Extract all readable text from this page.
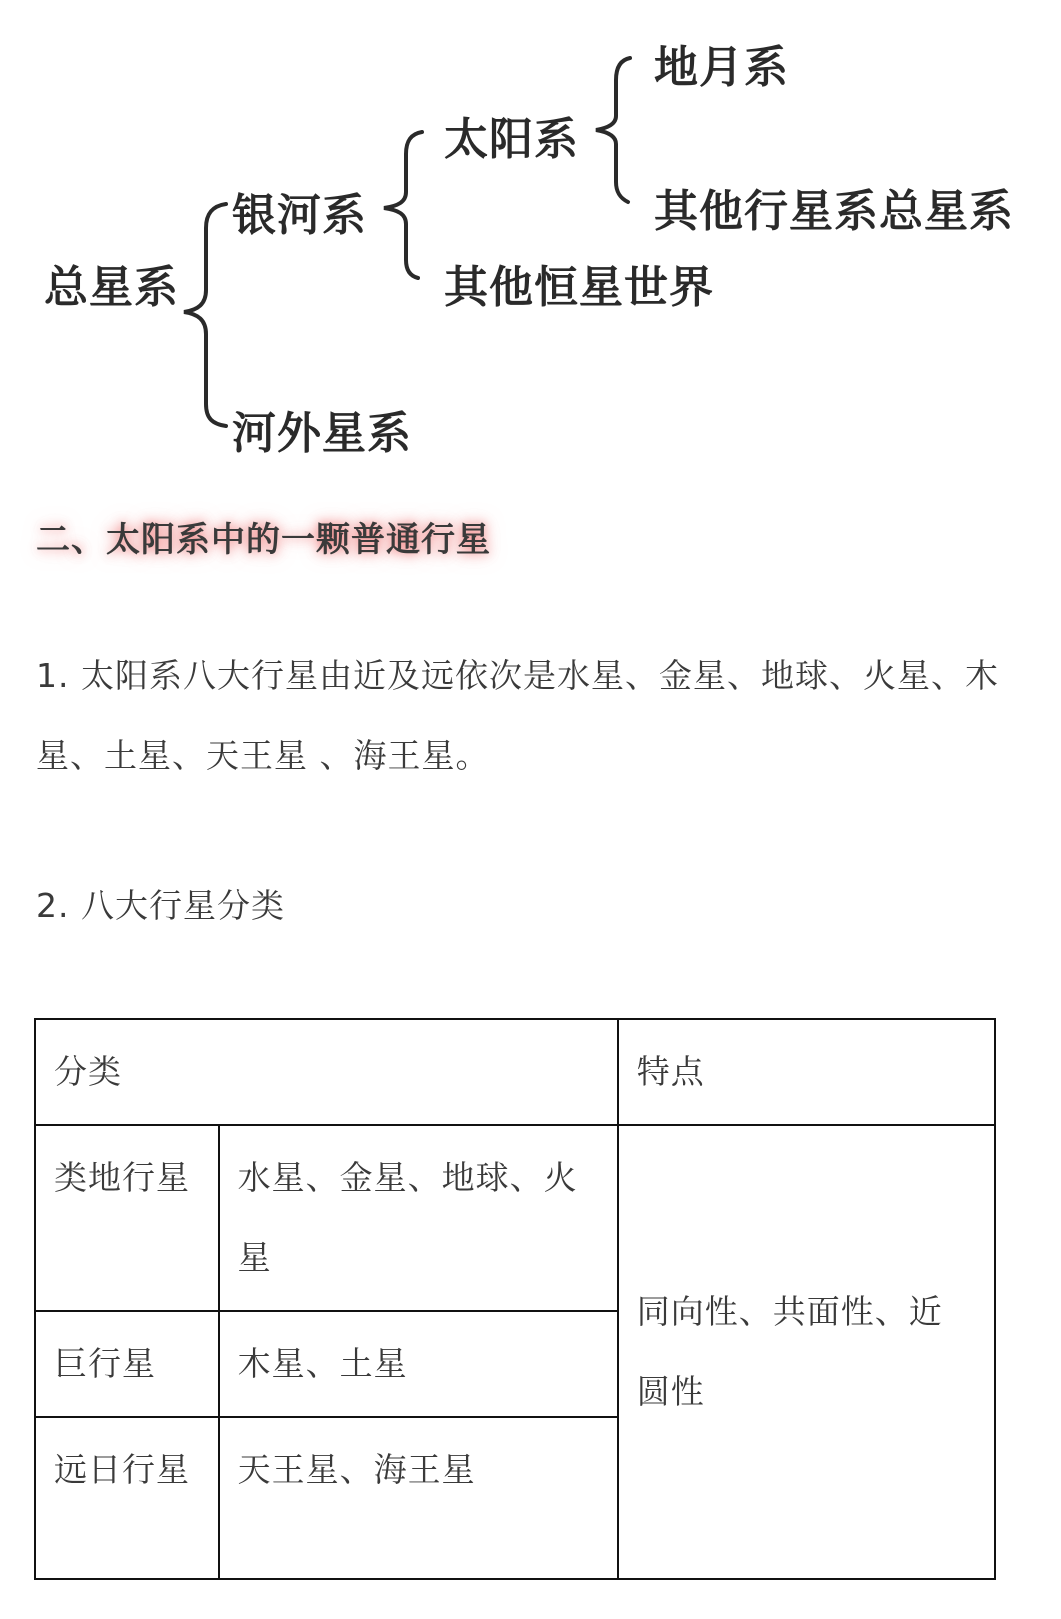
总星系
银河系
河外星系
太阳系
其他恒星世界
地月系
其他行星系总星系
二、太阳系中的一颗普通行星
1. 太阳系八大行星由近及远依次是水星、金星、地球、火星、木星、土星、天王星 、海王星。
2. 八大行星分类
分类		特点
类地行星	水星、金星、地球、火星	同向性、共面性、近圆性
巨行星	木星、土星	
远日行星	天王星、海王星	
